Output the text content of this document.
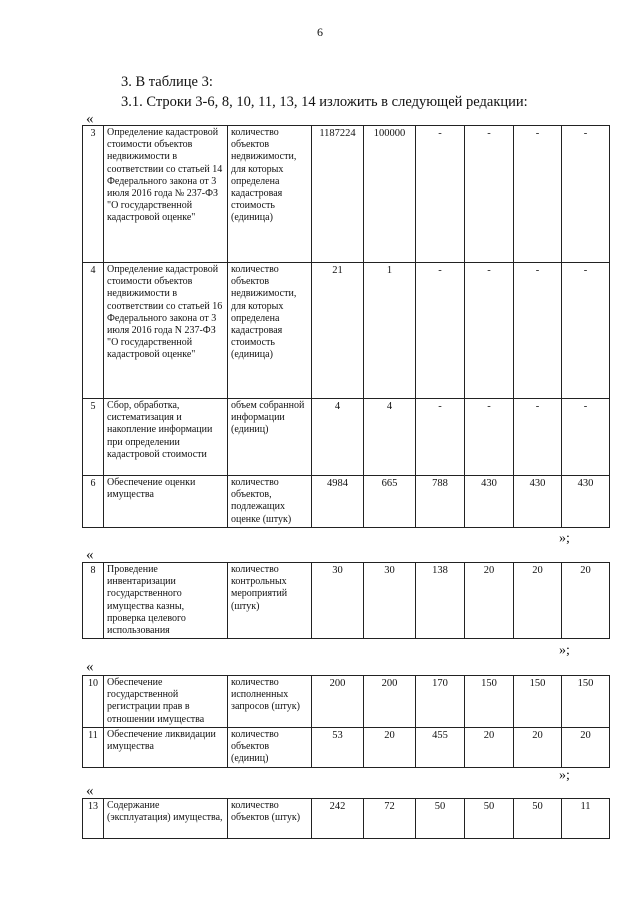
6
3. В таблице 3:
3.1. Строки 3-6, 8, 10, 11, 13, 14 изложить в следующей редакции:
«
3	Определение кадастровой стоимости объектов недвижимости в соответствии со статьей 14 Федерального закона от 3 июля 2016 года № 237-ФЗ "О государственной кадастровой оценке"	количество объектов недвижимости, для которых определена кадастровая стоимость (единица)	1187224	100000	-	-	-	-
4	Определение кадастровой стоимости объектов недвижимости в соответствии со статьей 16 Федерального закона от 3 июля 2016 года N 237-ФЗ "О государственной кадастровой оценке"	количество объектов недвижимости, для которых определена кадастровая стоимость (единица)	21	1	-	-	-	-
5	Сбор, обработка, систематизация и накопление информации при определении кадастровой стоимости	объем собранной информации (единиц)	4	4	-	-	-	-
6	Обеспечение оценки имущества	количество объектов, подлежащих оценке (штук)	4984	665	788	430	430	430
»;
«
8	Проведение инвентаризации государственного имущества казны, проверка целевого использования	количество контрольных мероприятий (штук)	30	30	138	20	20	20
»;
«
10	Обеспечение государственной регистрации прав в отношении имущества	количество исполненных запросов (штук)	200	200	170	150	150	150
11	Обеспечение ликвидации имущества	количество объектов (единиц)	53	20	455	20	20	20
»;
«
13	Содержание (эксплуатация) имущества,	количество объектов (штук)	242	72	50	50	50	11
